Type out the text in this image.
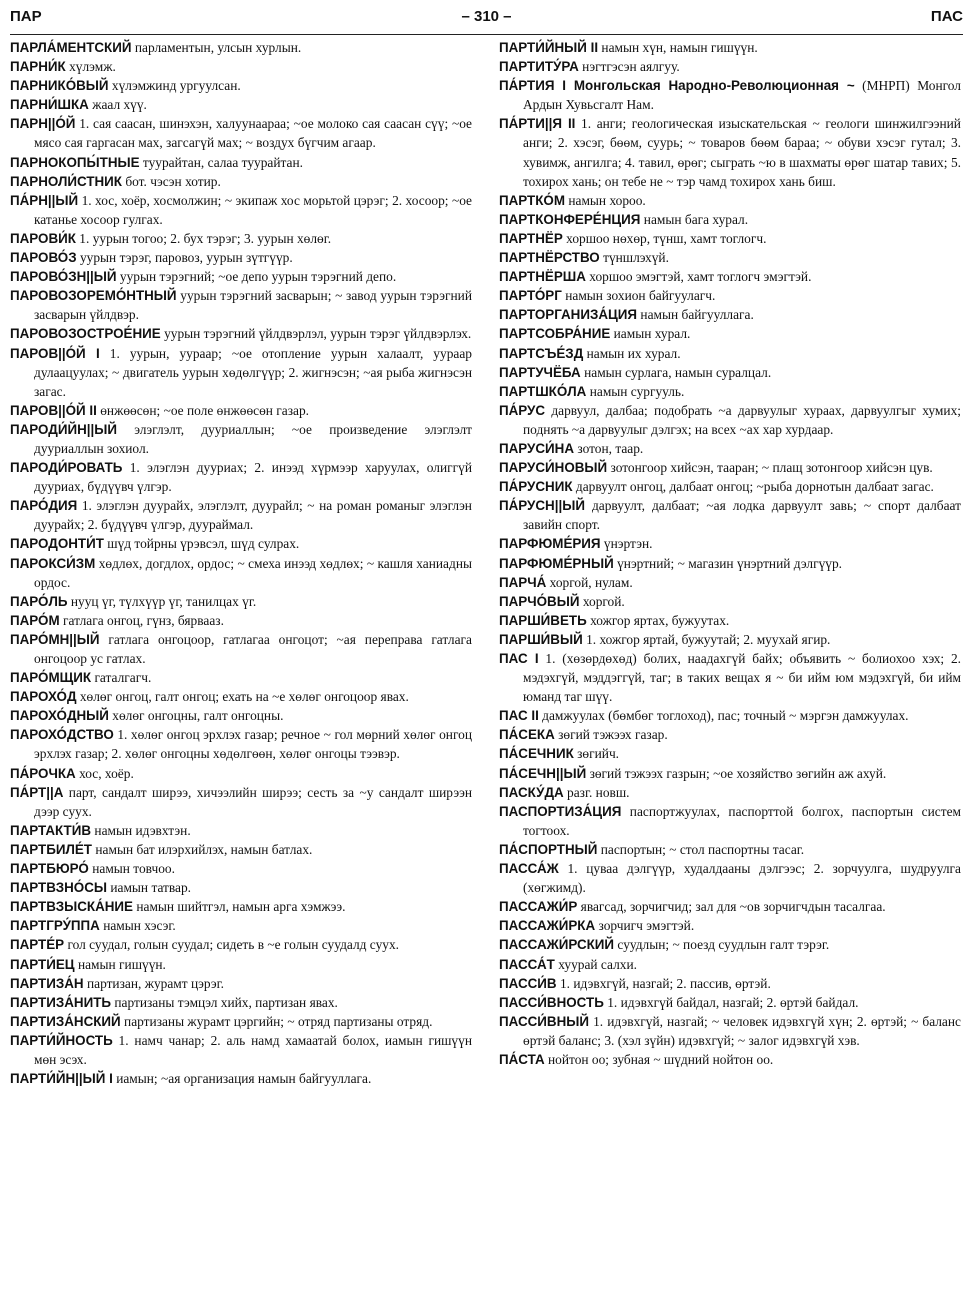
ПАР	– 310 –	ПАС
ПАРЛА́МЕНТСКИЙ парламентын, улсын хурлын.
ПАРНИ́К хүлэмж.
ПАРНИКО́ВЫЙ хүлэмжинд ургуулсан.
ПАРНИ́ШКА жаал хүү.
ПАРН||О́Й 1. сая саасан, шинэхэн, халуунаараа; ~ое молоко сая саасан сүү; ~ое мясо сая гаргасан мах, загсагүй мах; ~ воздух бүгчим агаар.
ПАРНОКОПЫ́ТНЫЕ туурайтан, салаа туурайтан.
ПАРНОЛИ́СТНИК бот. чэсэн хотир.
ПА́РН||ЫЙ 1. хос, хоёр, хосмолжин; ~ экипаж хос морьтой цэрэг; 2. хосоор; ~ое катанье хосоор гулгах.
ПАРОВИ́К 1. уурын тогоо; 2. бух тэрэг; 3. уурын хөлөг.
ПАРОВО́З уурын тэрэг, паровоз, уурын зүтгүүр.
ПАРОВО́ЗН||ЫЙ уурын тэрэгний; ~ое депо уурын тэрэгний депо.
ПАРОВОЗОРЕМО́НТНЫЙ уурын тэрэгний засварын; ~ завод уурын тэрэгний засварын үйлдвэр.
ПАРОВОЗОСТРОЕ́НИЕ уурын тэрэгний үйлдвэрлэл, уурын тэрэг үйлдвэрлэх.
ПАРОВ||О́Й I 1. уурын, уураар; ~ое отопление уурын халаалт, уураар дулаацуулах; ~ двигатель уурын хөдөлгүүр; 2. жигнэсэн; ~ая рыба жигнэсэн загас.
ПАРОВ||О́Й II өнжөөсөн; ~ое поле өнжөөсөн газар.
ПАРОДИ́ЙН||ЫЙ элэглэлт, дууриаллын; ~ое произведение элэглэлт дууриаллын зохиол.
ПАРОДИ́РОВАТЬ 1. элэглэн дууриах; 2. инээд хүрмээр харуулах, олиггүй дууриах, бүдүүвч үлгэр.
ПАРО́ДИЯ 1. элэглэн дуурайх, элэглэлт, дуурайл; ~ на роман романыг элэглэн дуурайх; 2. бүдүүвч үлгэр, дуураймал.
ПАРОДОНТИ́Т шүд тойрны үрэвсэл, шүд сулрах.
ПАРОКСИ́ЗМ хөдлөх, догдлох, ордос; ~ смеха инээд хөдлөх; ~ кашля ханиадны ордос.
ПАРО́ЛЬ нууц үг, түлхүүр үг, танилцах үг.
ПАРО́М гатлага онгоц, гүнз, бярвааз.
ПАРО́МН||ЫЙ гатлага онгоцоор, гатлагаа онгоцот; ~ая переправа гатлага онгоцоор ус гатлах.
ПАРО́МЩИК гаталгагч.
ПАРОХО́Д хөлөг онгоц, галт онгоц; ехать на ~е хөлөг онгоцоор явах.
ПАРОХО́ДНЫЙ хөлөг онгоцны, галт онгоцны.
ПАРОХО́ДСТВО 1. хөлөг онгоц эрхлэх газар; речное ~ гол мөрний хөлөг онгоц эрхлэх газар; 2. хөлөг онгоцны хөдөлгөөн, хөлөг онгоцы тээвэр.
ПА́РОЧКА хос, хоёр.
ПА́РТ||А парт, сандалт ширээ, хичээлийн ширээ; сесть за ~у сандалт ширээн дээр суух.
ПАРТАКТИ́В намын идэвхтэн.
ПАРТБИЛЕ́Т намын бат илэрхийлэх, намын батлах.
ПАРТБЮРО́ намын товчоо.
ПАРТВЗНО́СЫ иамын татвар.
ПАРТВЗЫСКА́НИЕ намын шийтгэл, намын арга хэмжээ.
ПАРТГРУ́ППА намын хэсэг.
ПАРТЕ́Р гол суудал, голын суудал; сидеть в ~е голын суудалд суух.
ПАРТИ́ЕЦ намын гишүүн.
ПАРТИЗА́Н партизан, журамт цэрэг.
ПАРТИЗА́НИТЬ партизаны тэмцэл хийх, партизан явах.
ПАРТИЗА́НСКИЙ партизаны журамт цэргийн; ~ отряд партизаны отряд.
ПАРТИ́ЙНОСТЬ 1. намч чанар; 2. аль намд хамаатай болох, иамын гишүүн мөн эсэх.
ПАРТИ́ЙН||ЫЙ I иамын; ~ая организация намын байгууллага.
ПАРТИ́ЙНЫЙ II намын хүн, намын гишүүн.
ПАРТИТУ́РА нэгтгэсэн аялгуу.
ПА́РТИЯ I Монгольская Народно-Революционная ~ (МНРП) Монгол Ардын Хувьсгалт Нам.
ПА́РТИ||Я II 1. анги; геологическая изыскательская ~ геологи шинжилгээний анги; 2. хэсэг, бөөм, суурь; ~ товаров бөөм бараа; ~ обуви хэсэг гутал; 3. хувимж, ангилга; 4. тавил, өрөг; сыграть ~ю в шахматы өрөг шатар тавих; 5. тохирох хань; он тебе не ~ тэр чамд тохирох хань биш.
ПАРТКО́М намын хороо.
ПАРТКОНФЕРЕ́НЦИЯ намын бага хурал.
ПАРТНЁР хоршоо нөхөр, түнш, хамт тоглогч.
ПАРТНЁРСТВО түншлэхүй.
ПАРТНЁРША хоршоо эмэгтэй, хамт тоглогч эмэгтэй.
ПАРТО́РГ намын зохион байгуулагч.
ПАРТОРГАНИЗА́ЦИЯ намын байгууллага.
ПАРТСОБРА́НИЕ иамын хурал.
ПАРТСЪЕ́ЗД намын их хурал.
ПАРТУЧЁБА намын сурлага, намын суралцал.
ПАРТШКО́ЛА намын сургууль.
ПА́РУС дарвуул, далбаа; подобрать ~а дарвуулыг хураах, дарвуулгыг хумих; поднять ~а дарвуулыг дэлгэх; на всех ~ах хар хурдаар.
ПАРУСИ́НА зотон, таар.
ПАРУСИ́НОВЫЙ зотонгоор хийсэн, тааран; ~ плащ зотонгоор хийсэн цув.
ПА́РУСНИК дарвуулт онгоц, далбаат онгоц; ~рыба дорнотын далбаат загас.
ПА́РУСН||ЫЙ дарвуулт, далбаат; ~ая лодка дарвуулт завь; ~ спорт далбаат завийн спорт.
ПАРФЮМЕ́РИЯ үнэртэн.
ПАРФЮМЕ́РНЫЙ үнэртний; ~ магазин үнэртний дэлгүүр.
ПАРЧА́ хоргой, нулам.
ПАРЧО́ВЫЙ хоргой.
ПАРШИ́ВЕТЬ хожгор яртах, бужуутах.
ПАРШИ́ВЫЙ 1. хожгор яртай, бужуутай; 2. муухай ягир.
ПАС I 1. (хөзөрдөхөд) болих, наадахгүй байх; объявить ~ болиохоо хэх; 2. мэдэхгүй, мэддэггүй, таг; в таких вещах я ~ би ийм юм мэдэхгүй, би ийм юманд таг шүү.
ПАС II дамжуулах (бөмбөг тоглоход), пас; точный ~ мэргэн дамжуулах.
ПА́СЕКА зөгий тэжээх газар.
ПА́СЕЧНИК зөгийч.
ПА́СЕЧН||ЫЙ зөгий тэжээх газрын; ~ое хозяйство зөгийн аж ахуй.
ПАСКУ́ДА разг. новш.
ПАСПОРТИЗА́ЦИЯ паспортжуулах, паспорттой болгох, паспортын систем тогтоох.
ПА́СПОРТНЫЙ паспортын; ~ стол паспортны тасаг.
ПАССА́Ж 1. цуваа дэлгүүр, худалдааны дэлгээс; 2. зорчуулга, шудруулга (хөгжимд).
ПАССАЖИ́Р явагсад, зорчигчид; зал для ~ов зорчигчдын тасалгаа.
ПАССАЖИ́РКА зорчигч эмэгтэй.
ПАССАЖИ́РСКИЙ суудлын; ~ поезд суудлын галт тэрэг.
ПАССА́Т хуурай салхи.
ПАССИ́В 1. идэвхгүй, назгай; 2. пассив, өртэй.
ПАССИ́ВНОСТЬ 1. идэвхгүй байдал, назгай; 2. өртэй байдал.
ПАССИ́ВНЫЙ 1. идэвхгүй, назгай; ~ человек идэвхгүй хүн; 2. өртэй; ~ баланс өртэй баланс; 3. (хэл зүйн) идэвхгүй; ~ залог идэвхгүй хэв.
ПА́СТА нойтон оо; зубная ~ шүдний нойтон оо.
